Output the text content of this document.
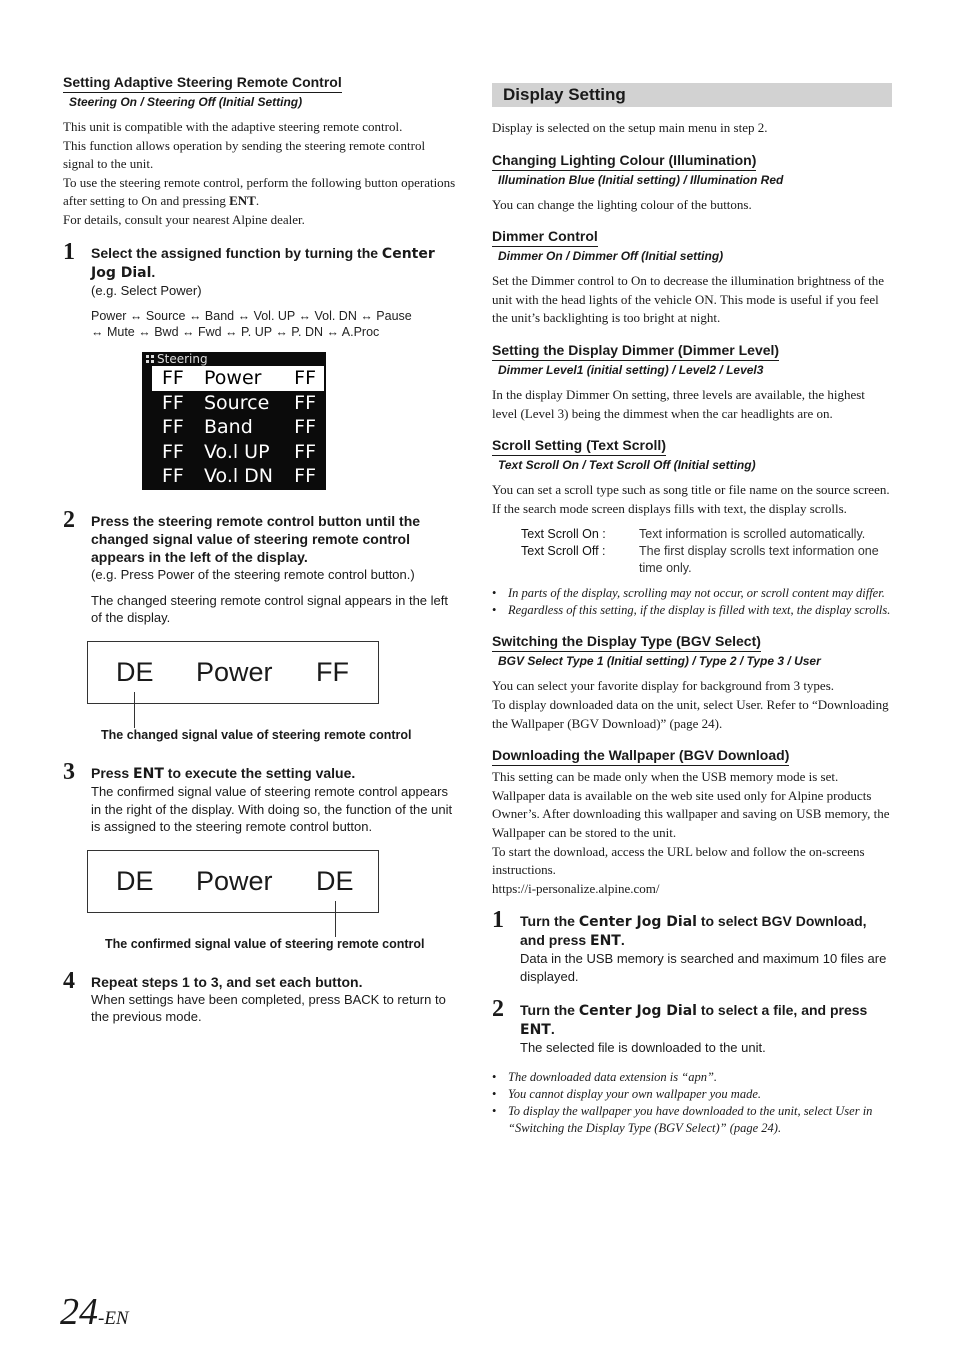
Setting Adaptive Steering Remote Control
Steering On / Steering Off (Initial Setting)

This unit is compatible with the adaptive steering remote control.

This function allows operation by sending the steering remote control signal to the unit.

To use the steering remote control, perform the following button operations after setting to On and pressing ENT.

For details, consult your nearest Alpine dealer.

1 Select the assigned function by turning the Center Jog Dial.
(e.g. Select Power)
Power ↔ Source ↔ Band ↔ Vol. UP ↔ Vol. DN ↔ Pause
↔ Mute ↔ Bwd ↔ Fwd ↔ P. UP ↔ P. DN ↔ A.Proc
Steering
FF	Power	FF
FF	Source	FF
FF	Band	FF
FF	Vo.l UP	FF
FF	Vo.l DN	FF
2 Press the steering remote control button until the changed signal value of steering remote control appears in the left of the display.
(e.g. Press Power of the steering remote control button.)
The changed steering remote control signal appears in the left of the display.
DE Power FF
The changed signal value of steering remote control
3 Press ENT to execute the setting value.
The confirmed signal value of steering remote control appears in the right of the display. With doing so, the function of the unit is assigned to the steering remote control button.
DE Power DE
The confirmed signal value of steering remote control
4 Repeat steps 1 to 3, and set each button.
When settings have been completed, press BACK to return to the previous mode.
Display Setting
Display is selected on the setup main menu in step 2.
Changing Lighting Colour (Illumination)
Illumination Blue (Initial setting) / Illumination Red
You can change the lighting colour of the buttons.
Dimmer Control
Dimmer On / Dimmer Off (Initial setting)
Set the Dimmer control to On to decrease the illumination brightness of the unit with the head lights of the vehicle ON. This mode is useful if you feel the unit’s backlighting is too bright at night.
Setting the Display Dimmer (Dimmer Level)
Dimmer Level1 (initial setting) / Level2 / Level3
In the display Dimmer On setting, three levels are available, the highest level (Level 3) being the dimmest when the car headlights are on.
Scroll Setting (Text Scroll)
Text Scroll On / Text Scroll Off (Initial setting)
You can set a scroll type such as song title or file name on the source screen. If the search mode screen displays fills with text, the display scrolls.
Text Scroll On :	Text information is scrolled automatically.
Text Scroll Off :	The first display scrolls text information one time only.
• In parts of the display, scrolling may not occur, or scroll content may differ.
• Regardless of this setting, if the display is filled with text, the display scrolls.
Switching the Display Type (BGV Select)
BGV Select Type 1 (Initial setting) / Type 2 / Type 3 / User

You can select your favorite display for background from 3 types.

To display downloaded data on the unit, select User. Refer to “Downloading the Wallpaper (BGV Download)” (page 24).

Downloading the Wallpaper (BGV Download)

This setting can be made only when the USB memory mode is set. Wallpaper data is available on the web site used only for Alpine products Owner’s. After downloading this wallpaper and saving on USB memory, the Wallpaper can be stored to the unit.

To start the download, access the URL below and follow the on-screens instructions.

https://i-personalize.alpine.com/

1 Turn the Center Jog Dial to select BGV Download, and press ENT.
Data in the USB memory is searched and maximum 10 files are displayed.
2 Turn the Center Jog Dial to select a file, and press ENT.
The selected file is downloaded to the unit.
• The downloaded data extension is “apn”.
• You cannot display your own wallpaper you made.
• To display the wallpaper you have downloaded to the unit, select User in “Switching the Display Type (BGV Select)” (page 24).
24-EN
